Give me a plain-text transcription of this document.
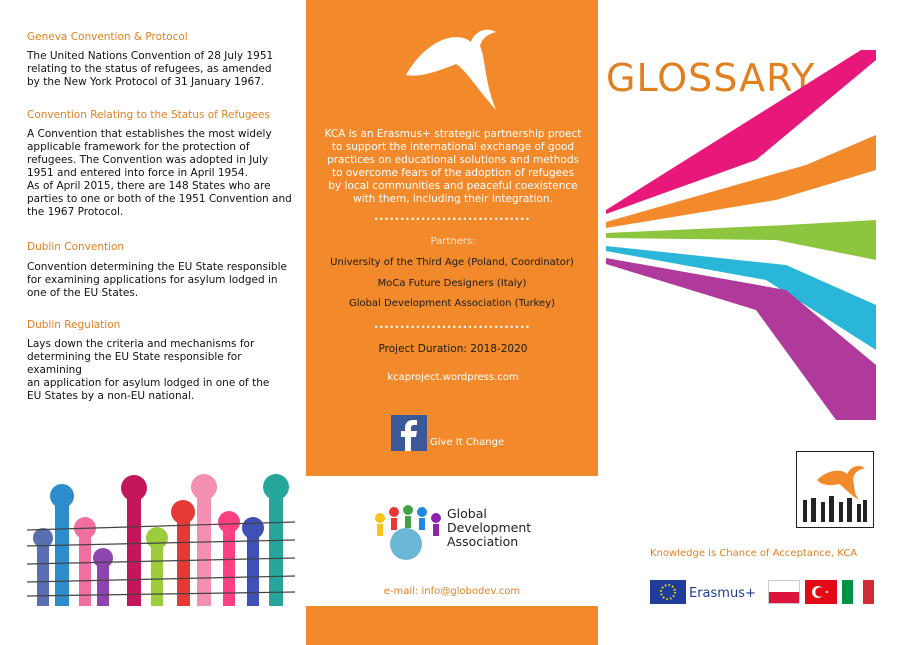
Geneva Convention & Protocol
The United Nations Convention of 28 July 1951
relating to the status of refugees, as amended
by the New York Protocol of 31 January 1967.
Convention Relating to the Status of Refugees
A Convention that establishes the most widely
applicable framework for the protection of
refugees. The Convention was adopted in July
1951 and entered into force in April 1954.
As of April 2015, there are 148 States who are
parties to one or both of the 1951 Convention and
the 1967 Protocol.
Dublin Convention
Convention determining the EU State responsible
for examining applications for asylum lodged in
one of the EU States.
Dublin Regulation
Lays down the criteria and mechanisms for
determining the EU State responsible for examining
an application for asylum lodged in one of the
EU States by a non-EU national.
KCA is an Erasmus+ strategic partnership proect
to support the international exchange of good
practices on educational solutions and methods
to overcome fears of the adoption of refugees
by local communities and peaceful coexistence
with them, including their integration.
••••••••••••••••••••••••••••••
Partners:
University of the Third Age (Poland, Coordinator)
MoCa Future Designers (Italy)
Global Development Association (Turkey)
••••••••••••••••••••••••••••••
Project Duration: 2018-2020
kcaproject.wordpress.com
Give It Change
Global
Development
Association
e-mail: info@globodev.com
GLOSSARY
Knowledge is Chance of Acceptance, KCA
Erasmus+
